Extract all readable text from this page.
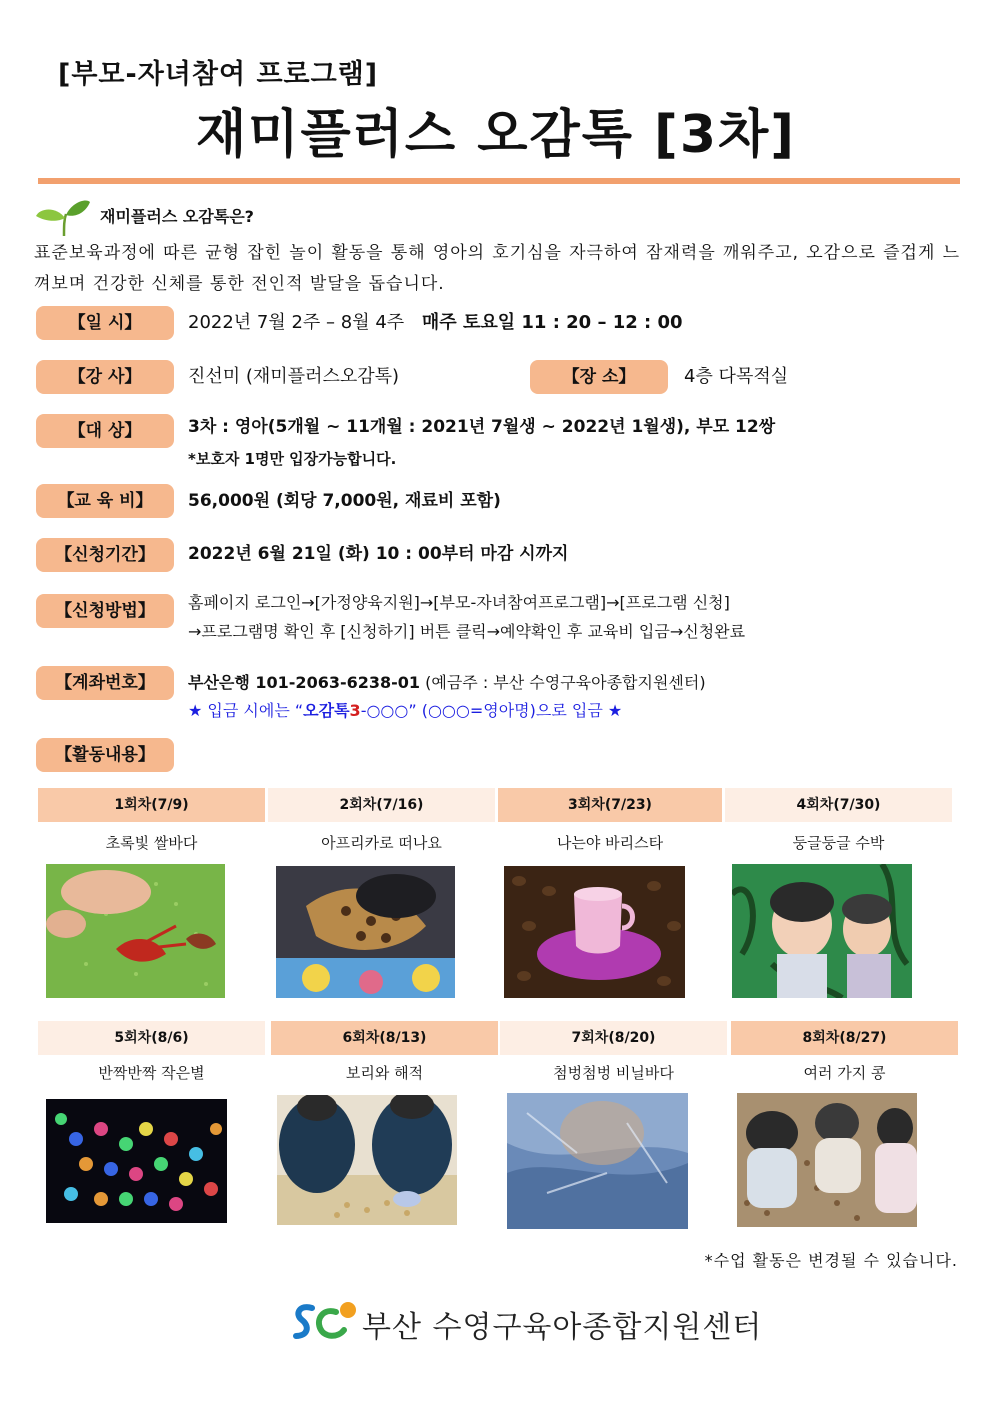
[부모-자녀참여 프로그램]
재미플러스 오감톡 [3차]
재미플러스 오감톡은?
표준보육과정에 따른 균형 잡힌 놀이 활동을 통해 영아의 호기심을 자극하여 잠재력을 깨워주고, 오감으로 즐겁게 느껴보며 건강한 신체를 통한 전인적 발달을 돕습니다.
【일 시】	2022년 7월 2주 – 8월 4주 매주 토요일 11 : 20 – 12 : 00
【강 사】	진선미 (재미플러스오감톡)	【장 소】	4층 다목적실
【대 상】	3차 : 영아(5개월 ~ 11개월 : 2021년 7월생 ~ 2022년 1월생), 부모 12쌍
*보호자 1명만 입장가능합니다.
【교 육 비】	56,000원 (회당 7,000원, 재료비 포함)
【신청기간】	2022년 6월 21일 (화) 10 : 00부터 마감 시까지
【신청방법】	홈페이지 로그인→[가정양육지원]→[부모-자녀참여프로그램]→[프로그램 신청]
→프로그램명 확인 후 [신청하기] 버튼 클릭→예약확인 후 교육비 입금→신청완료
【계좌번호】	부산은행 101-2063-6238-01 (예금주 : 부산 수영구육아종합지원센터)
★ 입금 시에는 “오감톡3-○○○” (○○○=영아명)으로 입금 ★
【활동내용】
1회차(7/9)	2회차(7/16)	3회차(7/23)	4회차(7/30)
초록빛 쌀바다	아프리카로 떠나요	나는야 바리스타	둥글둥글 수박
5회차(8/6)	6회차(8/13)	7회차(8/20)	8회차(8/27)
반짝반짝 작은별	보리와 해적	첨벙첨벙 비닐바다	여러 가지 콩
*수업 활동은 변경될 수 있습니다.
부산 수영구육아종합지원센터
